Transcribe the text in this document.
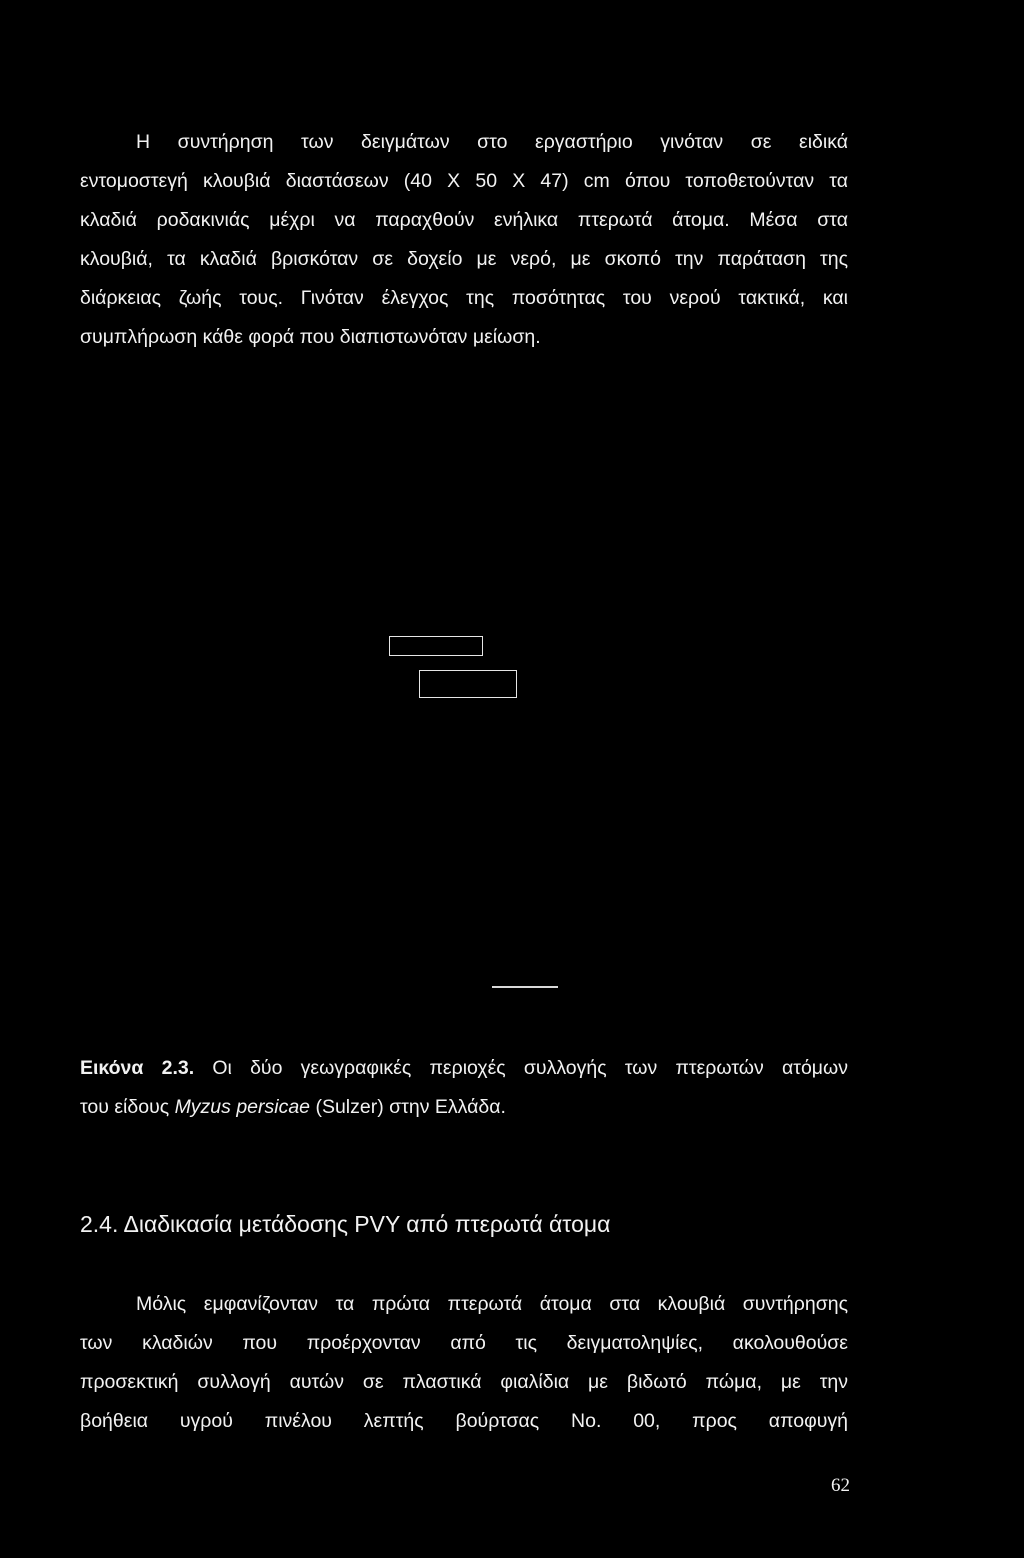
Η συντήρηση των δειγμάτων στο εργαστήριο γινόταν σε ειδικά
εντομοστεγή κλουβιά διαστάσεων (40 X 50 X 47) cm όπου τοποθετούνταν τα
κλαδιά ροδακινιάς μέχρι να παραχθούν ενήλικα πτερωτά άτομα. Μέσα στα
κλουβιά, τα κλαδιά βρισκόταν σε δοχείο με νερό, με σκοπό την παράταση της
διάρκειας ζωής τους. Γινόταν έλεγχος της ποσότητας του νερού τακτικά, και
συμπλήρωση κάθε φορά που διαπιστωνόταν μείωση.
Εικόνα 2.3. Οι δύο γεωγραφικές περιοχές συλλογής των πτερωτών ατόμων
του είδους Myzus persicae (Sulzer) στην Ελλάδα.
2.4. Διαδικασία μετάδοσης PVY από πτερωτά άτομα
Μόλις εμφανίζονταν τα πρώτα πτερωτά άτομα στα κλουβιά συντήρησης
των κλαδιών που προέρχονταν από τις δειγματοληψίες, ακολουθούσε
προσεκτική συλλογή αυτών σε πλαστικά φιαλίδια με βιδωτό πώμα, με την
βοήθεια υγρού πινέλου λεπτής βούρτσας No. 00, προς αποφυγή
62
